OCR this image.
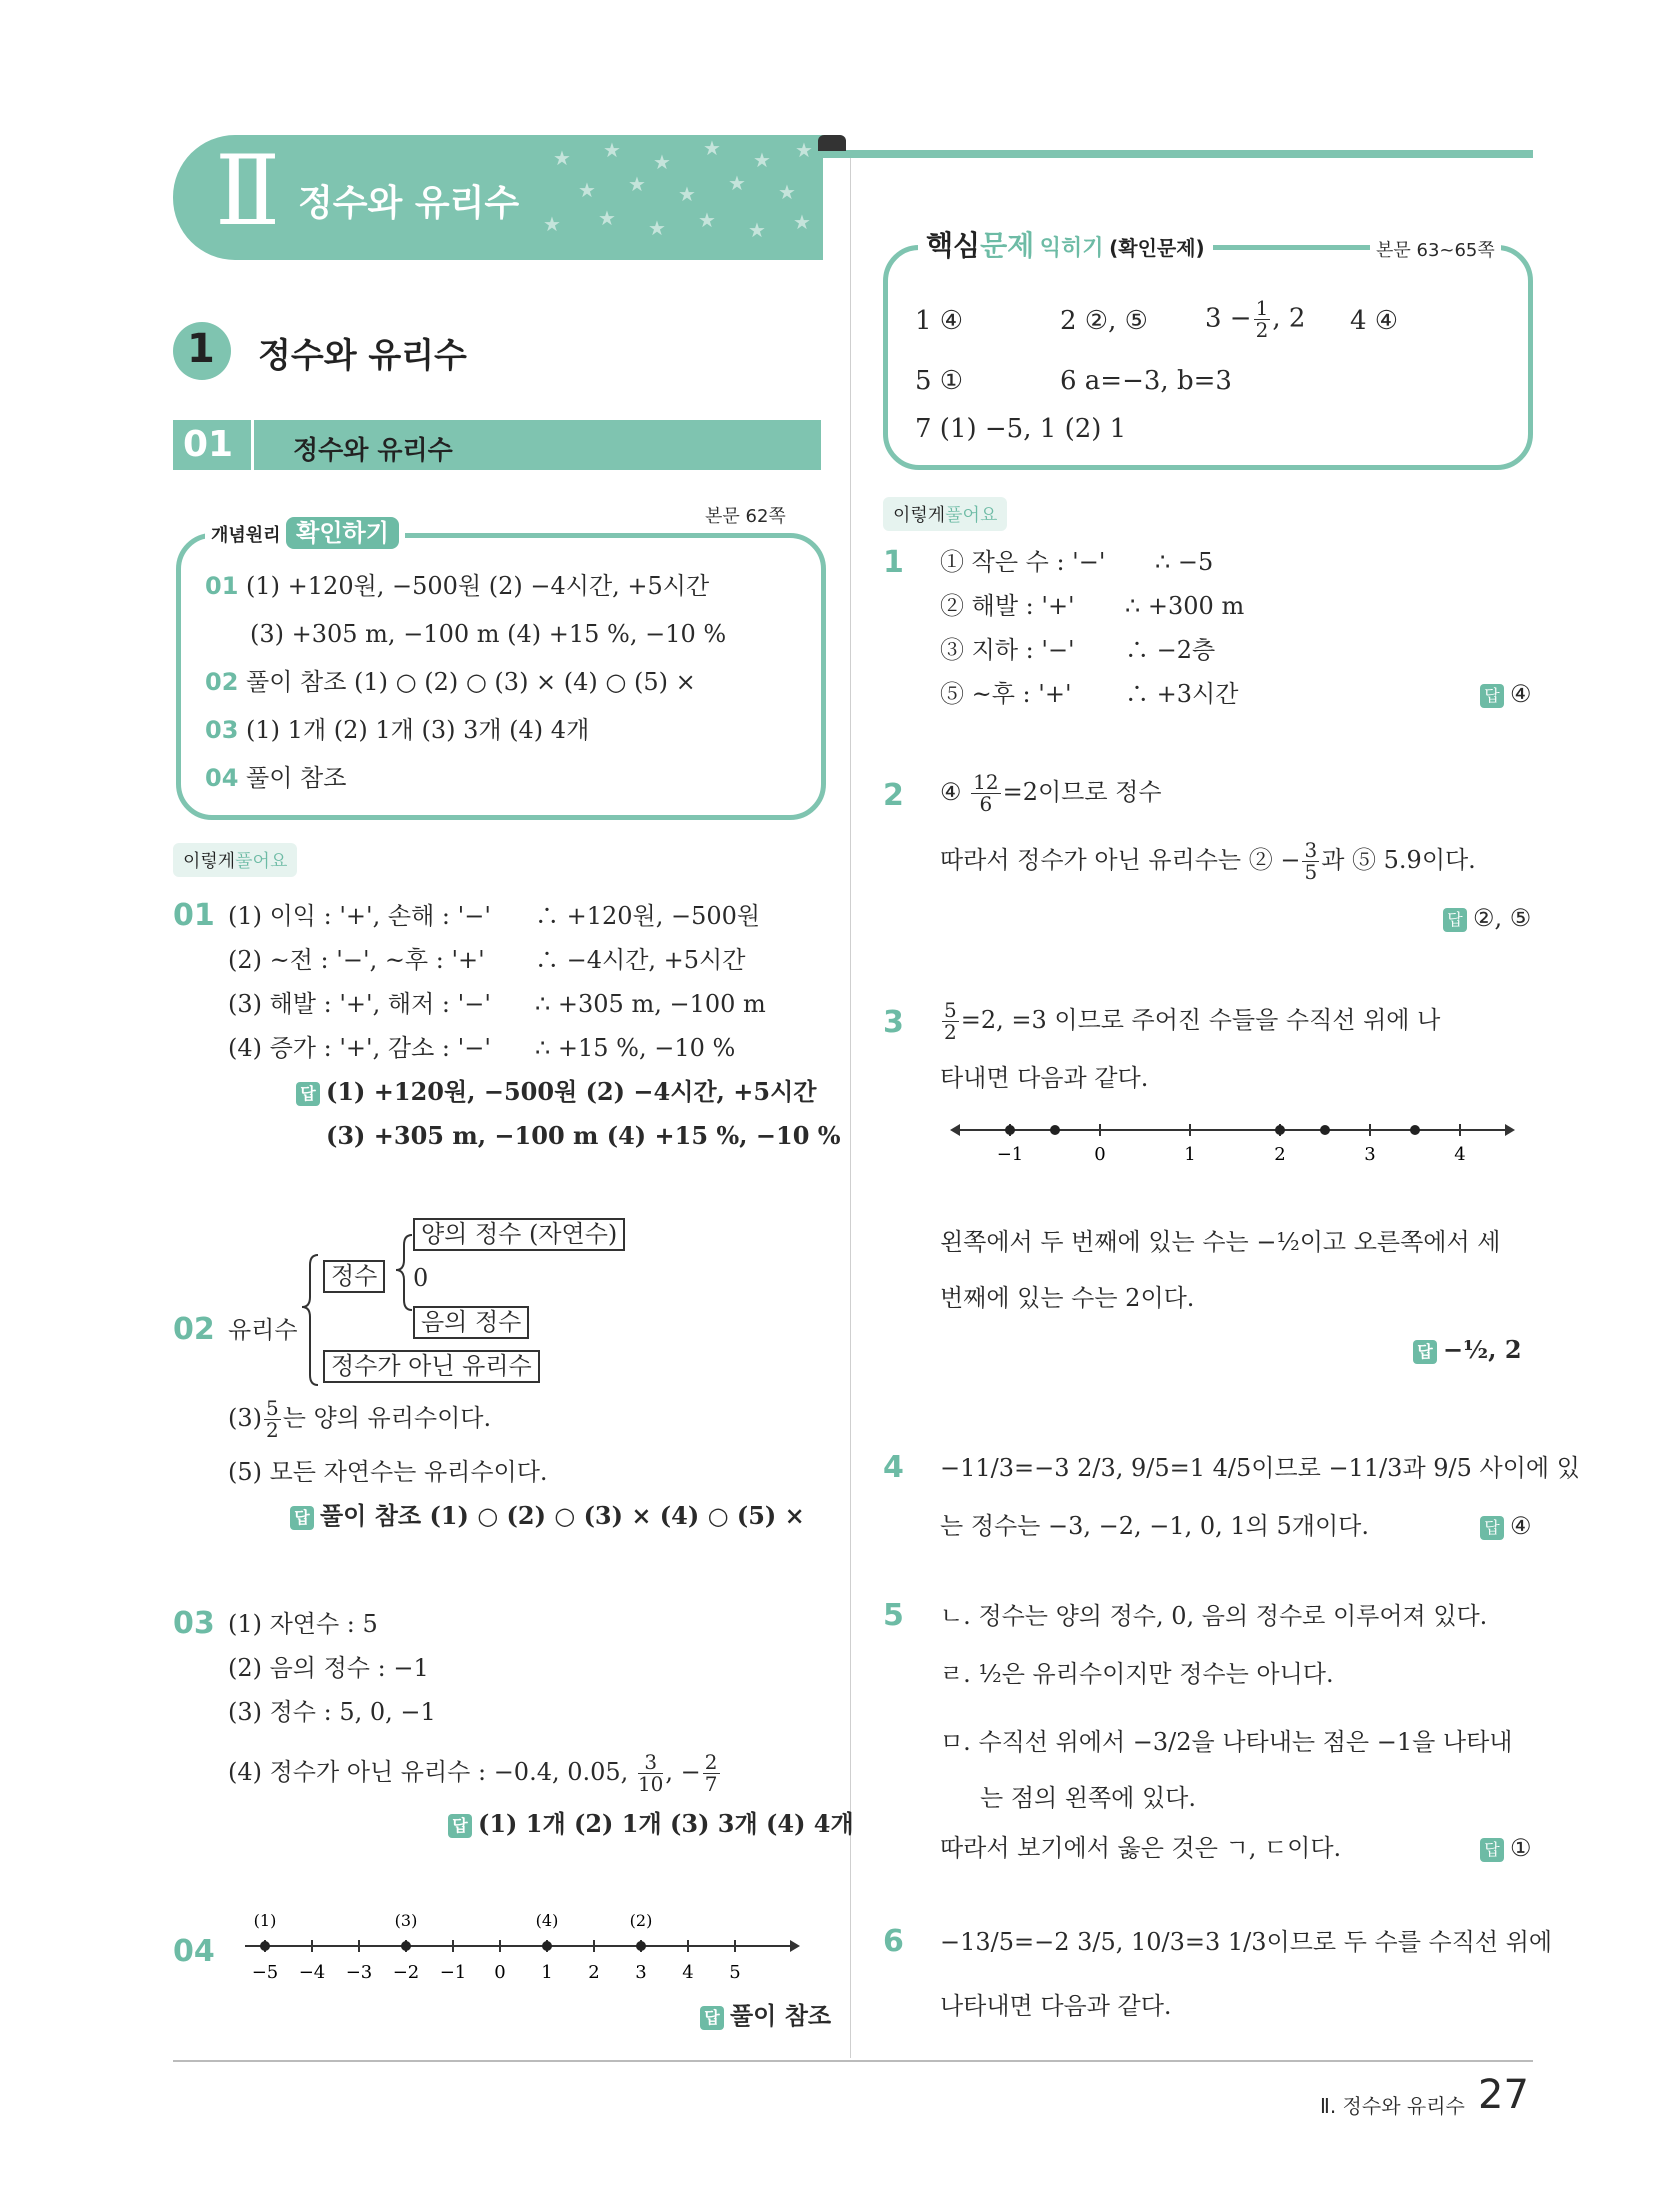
★ ★ ★
★ ★ ★
★ ★ ★ ★ ★
★ ★ ★ ★ ★ ★
Ⅱ 정수와 유리수
1 정수와 유리수
01 정수와 유리수
개념원리 확인하기
본문 62쪽
01 (1) +120원, −500원 (2) −4시간, +5시간
(3) +305 m, −100 m (4) +15 %, −10 %
02 풀이 참조 (1) ○ (2) ○ (3) × (4) ○ (5) ×
03 (1) 1개 (2) 1개 (3) 3개 (4) 4개
04 풀이 참조
이렇게풀어요
01 (1) 이익 : '+', 손해 : '−' ∴ +120원, −500원
(2) ~전 : '−', ~후 : '+' ∴ −4시간, +5시간
(3) 해발 : '+', 해저 : '−' ∴ +305 m, −100 m
(4) 증가 : '+', 감소 : '−' ∴ +15 %, −10 %
답 (1) +120원, −500원 (2) −4시간, +5시간
(3) +305 m, −100 m (4) +15 %, −10 %
02 유리수
정수
양의 정수 (자연수)
0
음의 정수
정수가 아닌 유리수
$(3) \frac{5}{2}$ 는 양의 유리수이다.
(5) 모든 자연수는 유리수이다.
답 풀이 참조 (1) ○ (2) ○ (3) × (4) ○ (5) ×
03 (1) 자연수 : 5
(2) 음의 정수 : −1
(3) 정수 : 5, 0, −1
(4) 정수가 아닌 유리수 : −0.4, 0.05, $\frac{3}{10}$ , − $\frac{2}{7}$
답 (1) 1개 (2) 1개 (3) 3개 (4) 4개
04
−5 −4 −3 −2 −1 0 1 2 3 4 5
(1)	(3)	(4)	(2)
답 풀이 참조
핵심문제 익히기 (확인문제)	본문 63~65쪽
1 ④	2 ②, ⑤ $3 - \frac{1}{2}$ , 2 4 ④
5 ①	6 a=−3, b=3
7 (1) −5, 1 (2) 1
이렇게풀어요
1 ① 작은 수 : '−' ∴ −5
② 해발 : '+' ∴ +300 m
③ 지하 : '−' ∴ −2층
⑤ ~후 : '+' ∴ +3시간	답 ④
2 ④ $\frac{12}{6} =2$이므로 정수
따라서 정수가 아닌 유리수는 ② − $\frac{3}{5}$ 과 ⑤ 5.9이다.
답 ②, ⑤
$3 \frac{5}{2} =2$, =3 이므로 주어진 수들을 수직선 위에 나
타내면 다음과 같다.
−1	0	1	2	3	4
왼쪽에서 두 번째에 있는 수는 −½이고 오른쪽에서 세
번째에 있는 수는 2이다.
답 −½, 2
4 −11/3=−3 2/3, 9/5=1 4/5이므로 −11/3과 9/5 사이에 있
는 정수는 −3, −2, −1, 0, 1의 5개이다.	답 ④
5 ㄴ. 정수는 양의 정수, 0, 음의 정수로 이루어져 있다.
ㄹ. ½은 유리수이지만 정수는 아니다.
ㅁ. 수직선 위에서 −3/2을 나타내는 점은 −1을 나타내
는 점의 왼쪽에 있다.
따라서 보기에서 옳은 것은 ㄱ, ㄷ이다.	답 ①
6 −13/5=−2 3/5, 10/3=3 1/3이므로 두 수를 수직선 위에
나타내면 다음과 같다.
Ⅱ. 정수와 유리수 27
